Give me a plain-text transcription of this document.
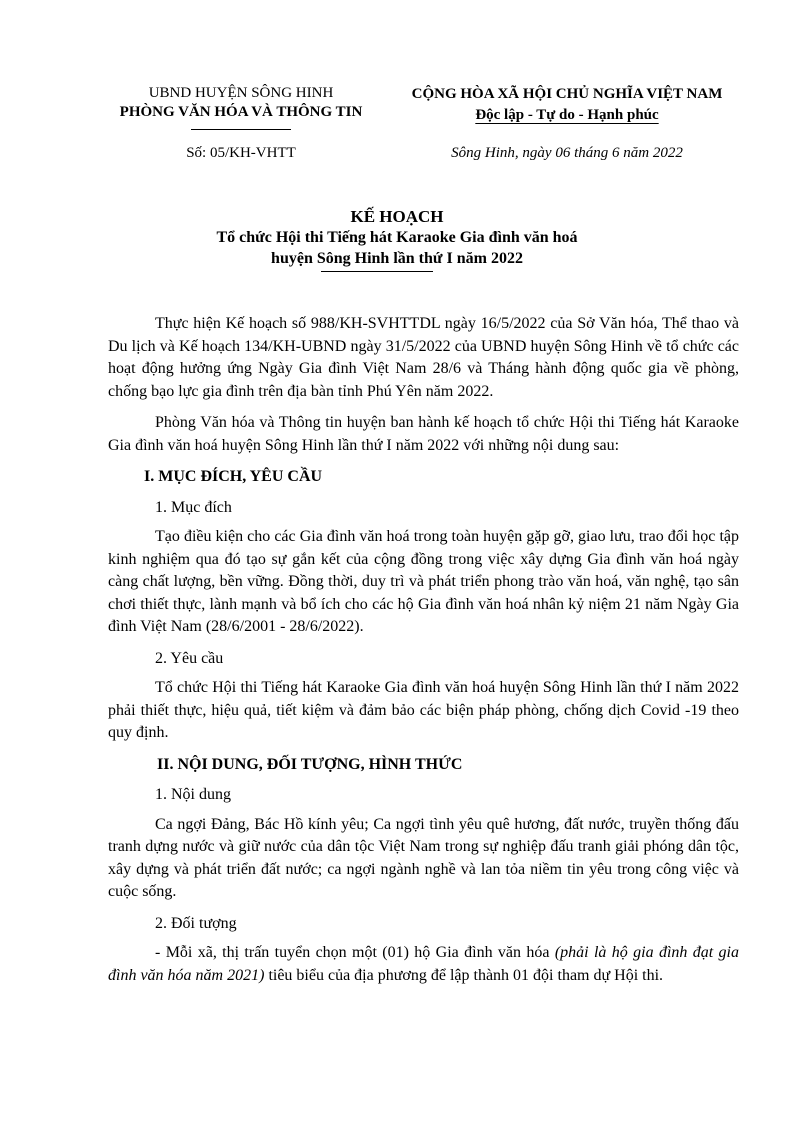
UBND HUYỆN SÔNG HINH
PHÒNG VĂN HÓA VÀ THÔNG TIN
CỘNG HÒA XÃ HỘI CHỦ NGHĨA VIỆT NAM
Độc lập - Tự do - Hạnh phúc
Số: 05/KH-VHTT	Sông Hinh, ngày 06 tháng 6 năm 2022
KẾ HOẠCH
Tổ chức Hội thi Tiếng hát Karaoke Gia đình văn hoá
huyện Sông Hinh lần thứ I năm 2022

Thực hiện Kế hoạch số 988/KH-SVHTTDL ngày 16/5/2022 của Sở Văn hóa, Thể thao và Du lịch và Kế hoạch 134/KH-UBND ngày 31/5/2022 của UBND huyện Sông Hinh về tổ chức các hoạt động hưởng ứng Ngày Gia đình Việt Nam 28/6 và Tháng hành động quốc gia về phòng, chống bạo lực gia đình trên địa bàn tỉnh Phú Yên năm 2022.

Phòng Văn hóa và Thông tin huyện ban hành kế hoạch tổ chức Hội thi Tiếng hát Karaoke Gia đình văn hoá huyện Sông Hinh lần thứ I năm 2022 với những nội dung sau:

I. MỤC ĐÍCH, YÊU CẦU

1. Mục đích

Tạo điều kiện cho các Gia đình văn hoá trong toàn huyện gặp gỡ, giao lưu, trao đổi học tập kinh nghiệm qua đó tạo sự gắn kết của cộng đồng trong việc xây dựng Gia đình văn hoá ngày càng chất lượng, bền vững. Đồng thời, duy trì và phát triển phong trào văn hoá, văn nghệ, tạo sân chơi thiết thực, lành mạnh và bổ ích cho các hộ Gia đình văn hoá nhân kỷ niệm 21 năm Ngày Gia đình Việt Nam (28/6/2001 - 28/6/2022).

2. Yêu cầu

Tổ chức Hội thi Tiếng hát Karaoke Gia đình văn hoá huyện Sông Hinh lần thứ I năm 2022 phải thiết thực, hiệu quả, tiết kiệm và đảm bảo các biện pháp phòng, chống dịch Covid -19 theo quy định.

II. NỘI DUNG, ĐỐI TƯỢNG, HÌNH THỨC

1. Nội dung

Ca ngợi Đảng, Bác Hồ kính yêu; Ca ngợi tình yêu quê hương, đất nước, truyền thống đấu tranh dựng nước và giữ nước của dân tộc Việt Nam trong sự nghiệp đấu tranh giải phóng dân tộc, xây dựng và phát triển đất nước; ca ngợi ngành nghề và lan tỏa niềm tin yêu trong công việc và cuộc sống.

2. Đối tượng

- Mỗi xã, thị trấn tuyển chọn một (01) hộ Gia đình văn hóa (phải là hộ gia đình đạt gia đình văn hóa năm 2021) tiêu biểu của địa phương để lập thành 01 đội tham dự Hội thi.
